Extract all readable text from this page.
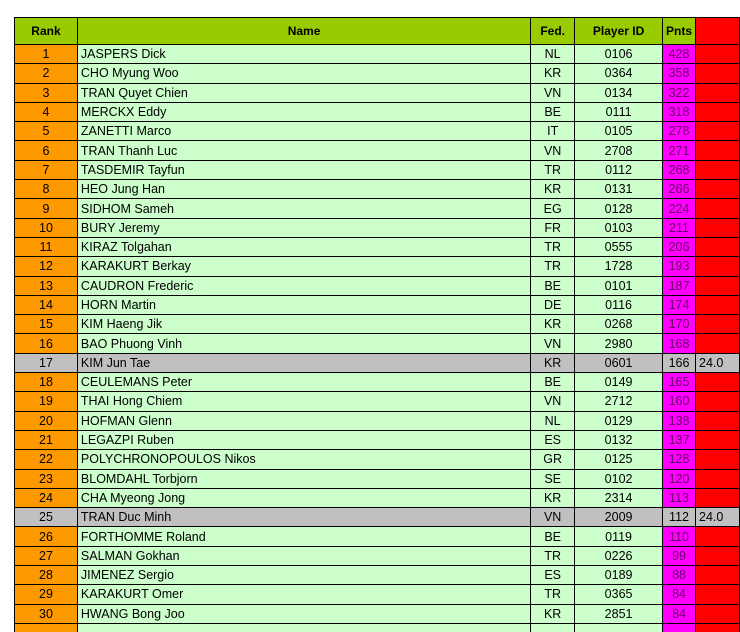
Rank	Name	Fed.	Player ID	Pnts	
1	JASPERS Dick	NL	0106	428	
2	CHO Myung Woo	KR	0364	358	
3	TRAN Quyet Chien	VN	0134	322	
4	MERCKX Eddy	BE	0111	318	
5	ZANETTI Marco	IT	0105	278	
6	TRAN Thanh Luc	VN	2708	271	
7	TASDEMIR Tayfun	TR	0112	268	
8	HEO Jung Han	KR	0131	266	
9	SIDHOM Sameh	EG	0128	224	
10	BURY Jeremy	FR	0103	211	
11	KIRAZ Tolgahan	TR	0555	206	
12	KARAKURT Berkay	TR	1728	193	
13	CAUDRON Frederic	BE	0101	187	
14	HORN Martin	DE	0116	174	
15	KIM Haeng Jik	KR	0268	170	
16	BAO Phuong Vinh	VN	2980	168	
17	KIM Jun Tae	KR	0601	166	24.0
18	CEULEMANS Peter	BE	0149	165	
19	THAI Hong Chiem	VN	2712	160	
20	HOFMAN Glenn	NL	0129	138	
21	LEGAZPI Ruben	ES	0132	137	
22	POLYCHRONOPOULOS Nikos	GR	0125	128	
23	BLOMDAHL Torbjorn	SE	0102	120	
24	CHA Myeong Jong	KR	2314	113	
25	TRAN Duc Minh	VN	2009	112	24.0
26	FORTHOMME Roland	BE	0119	110	
27	SALMAN Gokhan	TR	0226	99	
28	JIMENEZ Sergio	ES	0189	88	
29	KARAKURT Omer	TR	0365	84	
30	HWANG Bong Joo	KR	2851	84	
